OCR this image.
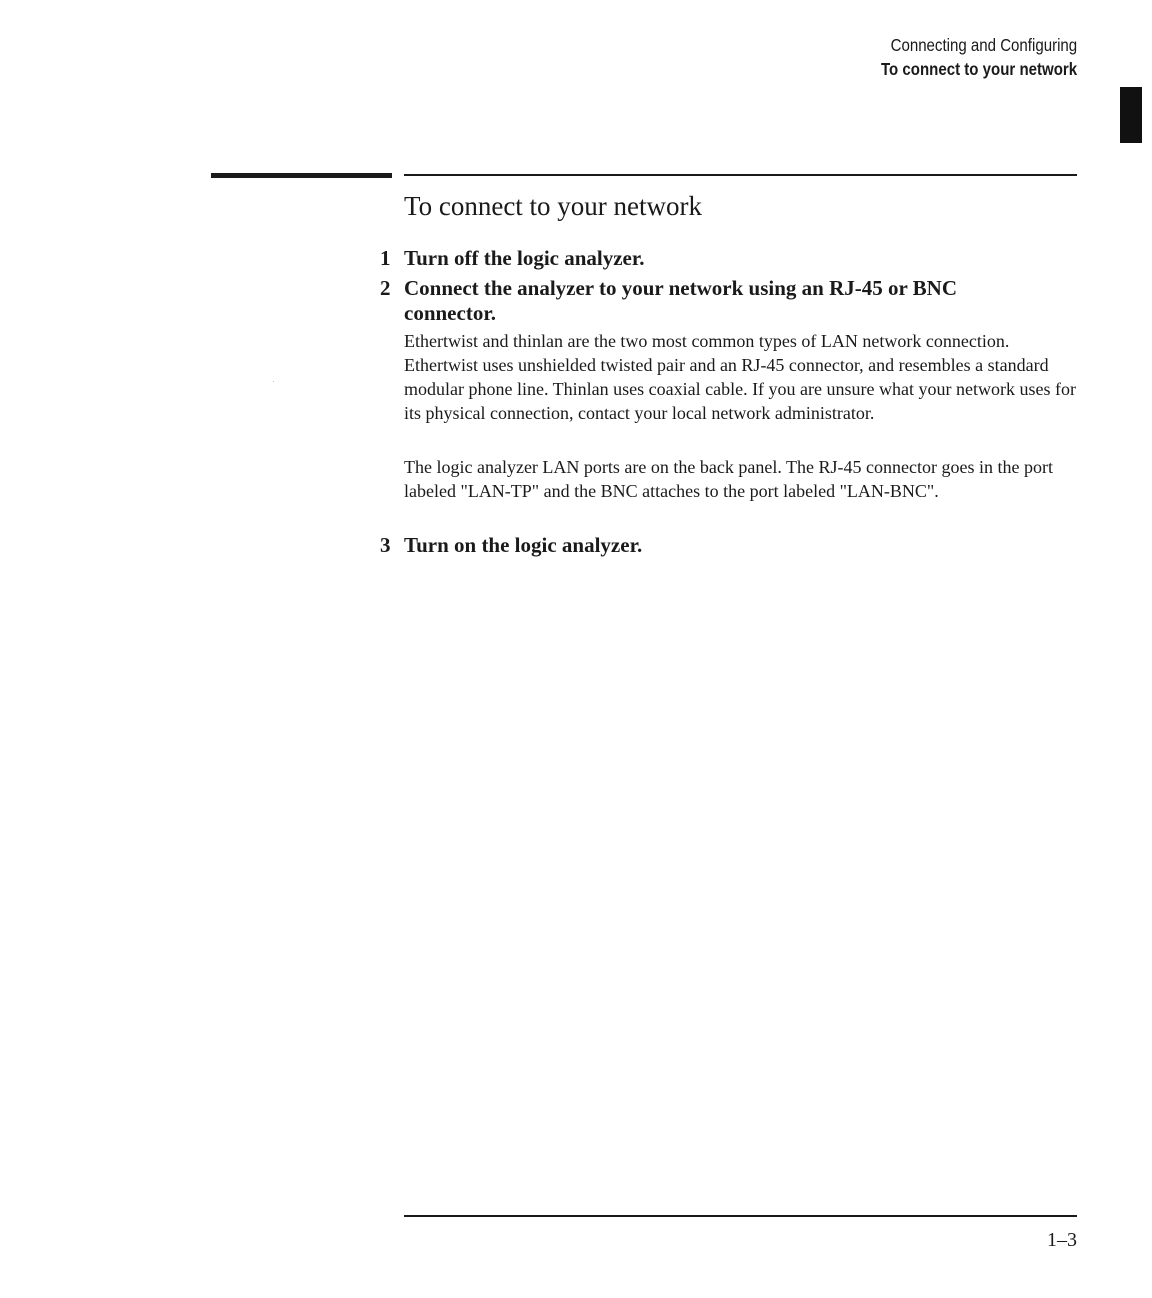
Connecting and Configuring
To connect to your network
To connect to your network
1 Turn off the logic analyzer.
2 Connect the analyzer to your network using an RJ-45 or BNC connector.
Ethertwist and thinlan are the two most common types of LAN network connection. Ethertwist uses unshielded twisted pair and an RJ-45 connector, and resembles a standard modular phone line. Thinlan uses coaxial cable. If you are unsure what your network uses for its physical connection, contact your local network administrator.
The logic analyzer LAN ports are on the back panel. The RJ-45 connector goes in the port labeled "LAN-TP" and the BNC attaches to the port labeled "LAN-BNC".
3 Turn on the logic analyzer.
1–3
